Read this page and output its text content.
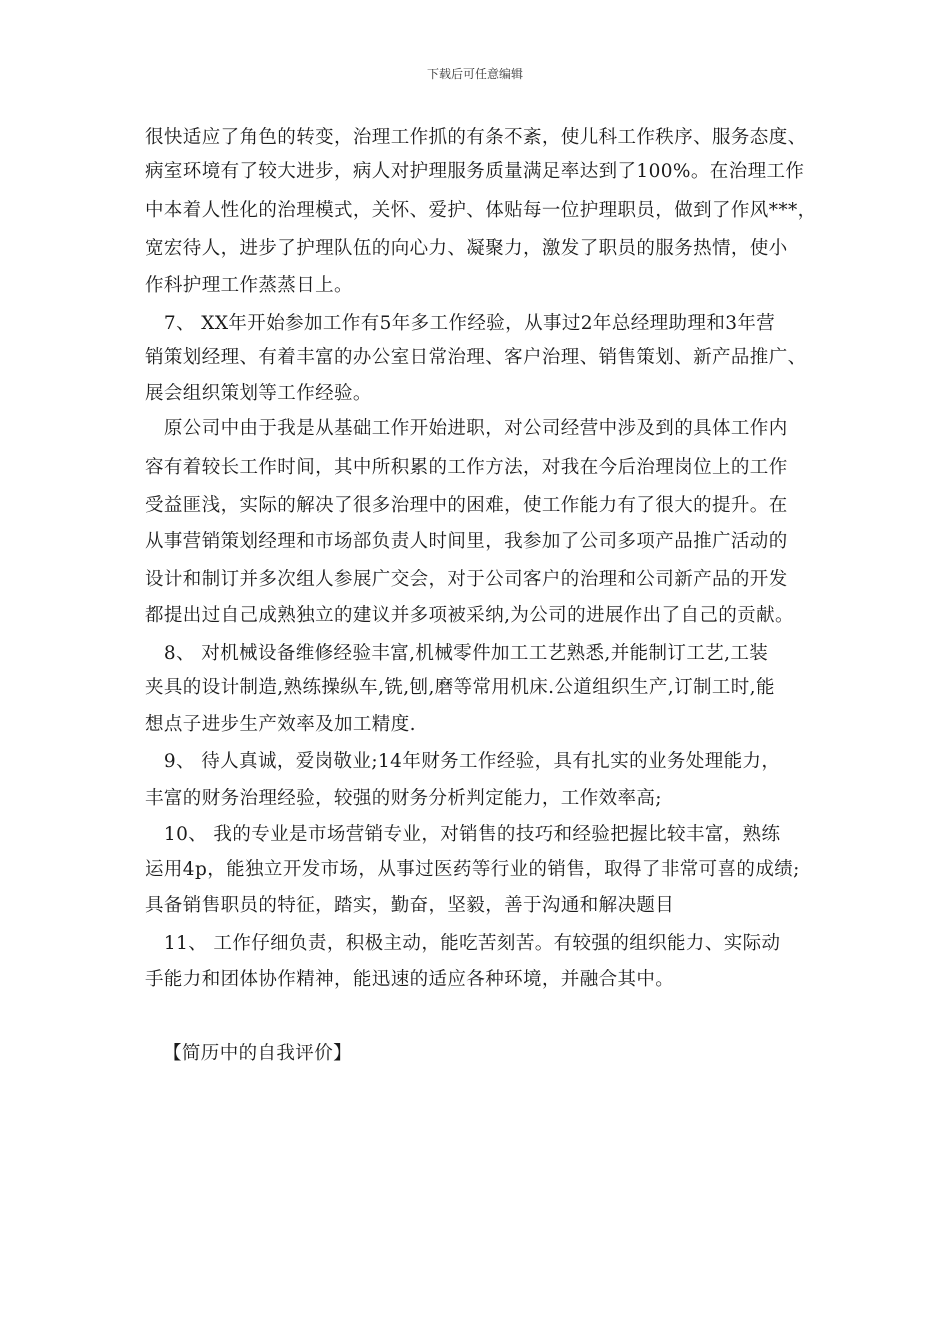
下载后可任意编辑
很快适应了角色的转变，治理工作抓的有条不紊，使儿科工作秩序、服务态度、
病室环境有了较大进步，病人对护理服务质量满足率达到了100%。在治理工作
中本着人性化的治理模式，关怀、爱护、体贴每一位护理职员，做到了作风***，
宽宏待人，进步了护理队伍的向心力、凝聚力，激发了职员的服务热情，使小
作科护理工作蒸蒸日上。
　7、 XX年开始参加工作有5年多工作经验，从事过2年总经理助理和3年营
销策划经理、有着丰富的办公室日常治理、客户治理、销售策划、新产品推广、
展会组织策划等工作经验。
　原公司中由于我是从基础工作开始进职，对公司经营中涉及到的具体工作内
容有着较长工作时间，其中所积累的工作方法，对我在今后治理岗位上的工作
受益匪浅，实际的解决了很多治理中的困难，使工作能力有了很大的提升。在
从事营销策划经理和市场部负责人时间里，我参加了公司多项产品推广活动的
设计和制订并多次组人参展广交会，对于公司客户的治理和公司新产品的开发
都提出过自己成熟独立的建议并多项被采纳,为公司的进展作出了自己的贡献。
　8、 对机械设备维修经验丰富,机械零件加工工艺熟悉,并能制订工艺,工装
夹具的设计制造,熟练操纵车,铣,刨,磨等常用机床.公道组织生产,订制工时,能
想点子进步生产效率及加工精度.
　9、 待人真诚，爱岗敬业;14年财务工作经验，具有扎实的业务处理能力，
丰富的财务治理经验，较强的财务分析判定能力，工作效率高;
　10、 我的专业是市场营销专业，对销售的技巧和经验把握比较丰富，熟练
运用4p，能独立开发市场，从事过医药等行业的销售，取得了非常可喜的成绩;
具备销售职员的特征，踏实，勤奋，坚毅，善于沟通和解决题目
　11、 工作仔细负责，积极主动，能吃苦刻苦。有较强的组织能力、实际动
手能力和团体协作精神，能迅速的适应各种环境，并融合其中。
【简历中的自我评价】
